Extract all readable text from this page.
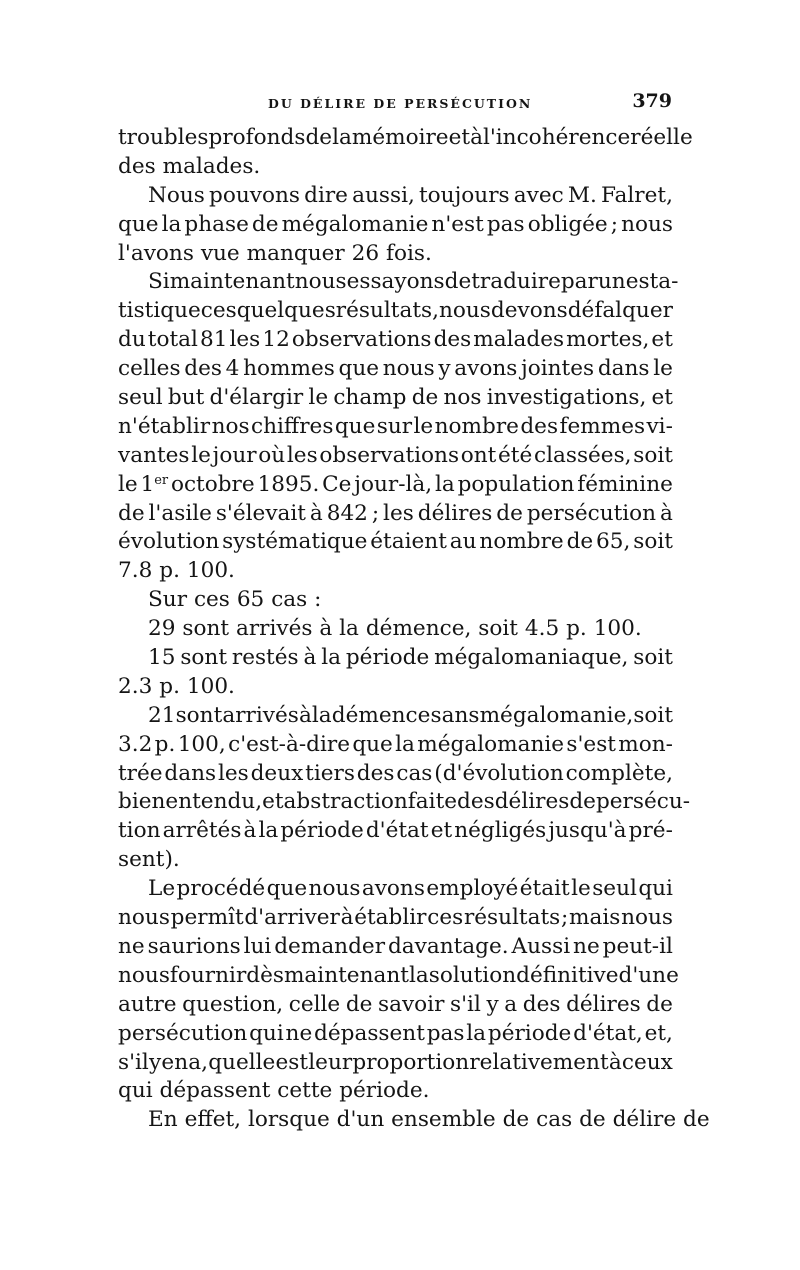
DU DÉLIRE DE PERSÉCUTION	379
troubles profonds de la mémoire et à l'incohérence réelle
des malades.
Nous pouvons dire aussi, toujours avec M. Falret,
que la phase de mégalomanie n'est pas obligée ; nous
l'avons vue manquer 26 fois.
Si maintenant nous essayons de traduire par une sta-
tistique ces quelques résultats, nous devons défalquer
du total 81 les 12 observations des malades mortes, et
celles des 4 hommes que nous y avons jointes dans le
seul but d'élargir le champ de nos investigations, et
n'établir nos chiffres que sur le nombre des femmes vi-
vantes le jour où les observations ont été classées, soit
le 1er octobre 1895. Ce jour-là, la population féminine
de l'asile s'élevait à 842 ; les délires de persécution à
évolution systématique étaient au nombre de 65, soit
7.8 p. 100.
Sur ces 65 cas :
29 sont arrivés à la démence, soit 4.5 p. 100.
15 sont restés à la période mégalomaniaque, soit
2.3 p. 100.
21 sont arrivés à la démence sans mégalomanie, soit
3.2 p. 100, c'est-à-dire que la mégalomanie s'est mon-
trée dans les deux tiers des cas (d'évolution complète,
bien entendu, et abstraction faite des délires de persécu-
tion arrêtés à la période d'état et négligés jusqu'à pré-
sent).
Le procédé que nous avons employé était le seul qui
nous permît d'arriver à établir ces résultats ; mais nous
ne saurions lui demander davantage. Aussi ne peut-il
nous fournir dès maintenant la solution définitive d'une
autre question, celle de savoir s'il y a des délires de
persécution qui ne dépassent pas la période d'état, et,
s'il y en a, quelle est leur proportion relativement à ceux
qui dépassent cette période.
En effet, lorsque d'un ensemble de cas de délire de
